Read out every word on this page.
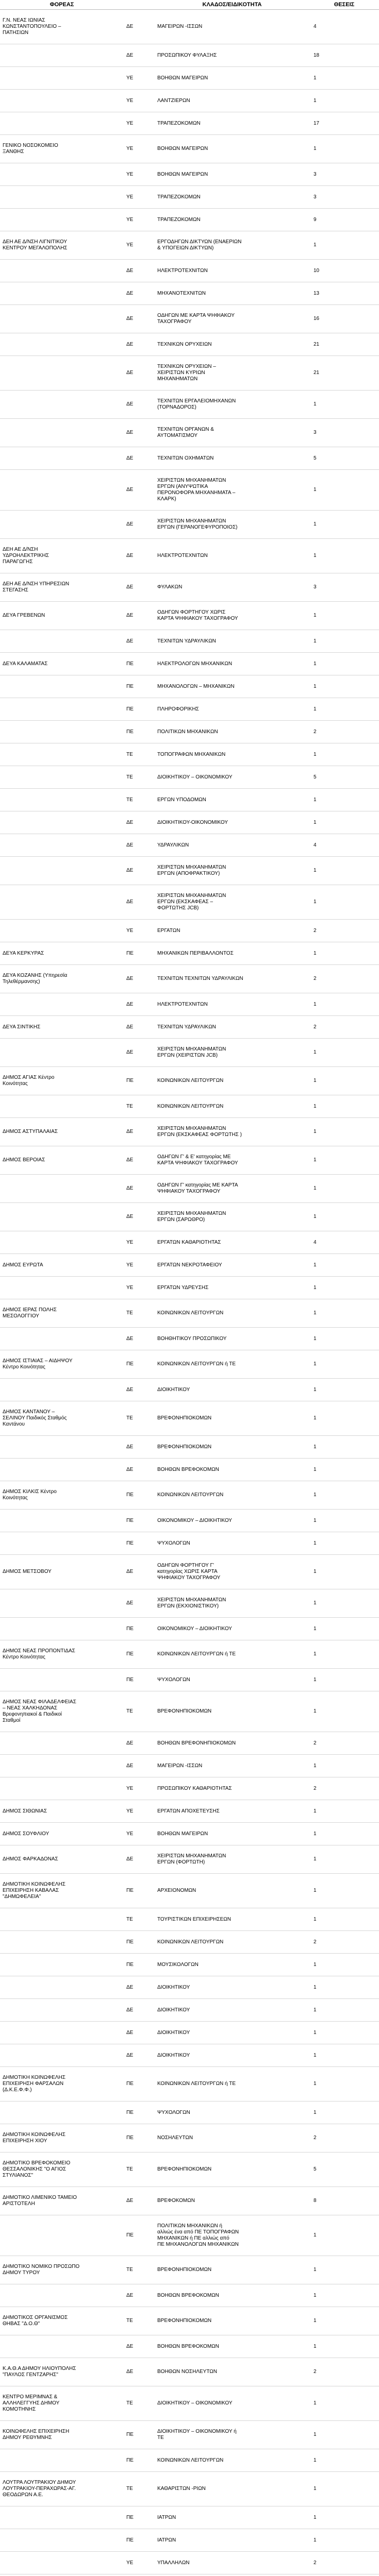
ΦΟΡΕΑΣ		ΚΛΑΔΟΣ/ΕΙΔΙΚΟΤΗΤΑ	ΘΕΣΕΙΣ
Γ.Ν. ΝΕΑΣ ΙΩΝΙΑΣ
ΚΩΝΣΤΑΝΤΟΠΟΥΛΕΙΟ –
ΠΑΤΗΣΙΩΝ	ΔΕ	ΜΑΓΕΙΡΩΝ -ΙΣΣΩΝ	4
	ΔΕ	ΠΡΟΣΩΠΙΚΟΥ ΦΥΛΑΞΗΣ	18
	ΥΕ	ΒΟΗΘΩΝ ΜΑΓΕΙΡΩΝ	1
	ΥΕ	ΛΑΝΤΖΙΕΡΩΝ	1
	ΥΕ	ΤΡΑΠΕΖΟΚΟΜΩΝ	17
ΓΕΝΙΚΟ ΝΟΣΟΚΟΜΕΙΟ
ΞΑΝΘΗΣ	ΥΕ	ΒΟΗΘΩΝ ΜΑΓΕΙΡΩΝ	1
	ΥΕ	ΒΟΗΘΩΝ ΜΑΓΕΙΡΩΝ	3
	ΥΕ	ΤΡΑΠΕΖΟΚΟΜΩΝ	3
	ΥΕ	ΤΡΑΠΕΖΟΚΟΜΩΝ	9
ΔΕΗ ΑΕ Δ/ΝΣΗ ΛΙΓΝΙΤΙΚΟΥ
ΚΕΝΤΡΟΥ ΜΕΓΑΛΟΠΟΛΗΣ	ΥΕ	ΕΡΓΟΔΗΓΩΝ ΔΙΚΤΥΩΝ (ΕΝΑΕΡΙΩΝ
& ΥΠΟΓΕΙΩΝ ΔΙΚΤΥΩΝ)	1
	ΔΕ	ΗΛΕΚΤΡΟΤΕΧΝΙΤΩΝ	10
	ΔΕ	ΜΗΧΑΝΟΤΕΧΝΙΤΩΝ	13
	ΔΕ	ΟΔΗΓΩΝ ΜΕ ΚΑΡΤΑ ΨΗΦΙΑΚΟΥ
ΤΑΧΟΓΡΑΦΟΥ	16
	ΔΕ	ΤΕΧΝΙΚΩΝ ΟΡΥΧΕΙΩΝ	21
	ΔΕ	ΤΕΧΝΙΚΩΝ ΟΡΥΧΕΙΩΝ –
ΧΕΙΡΙΣΤΩΝ ΚΥΡΙΩΝ
ΜΗΧΑΝΗΜΑΤΩΝ	21
	ΔΕ	ΤΕΧΝΙΤΩΝ ΕΡΓΑΛΕΙΟΜΗΧΑΝΩΝ
(ΤΟΡΝΑΔΟΡΟΣ)	1
	ΔΕ	ΤΕΧΝΙΤΩΝ ΟΡΓΑΝΩΝ &
ΑΥΤΟΜΑΤΙΣΜΟΥ	3
	ΔΕ	ΤΕΧΝΙΤΩΝ ΟΧΗΜΑΤΩΝ	5
	ΔΕ	ΧΕΙΡΙΣΤΩΝ ΜΗΧΑΝΗΜΑΤΩΝ
ΕΡΓΩΝ (ΑΝΥΨΩΤΙΚΑ
ΠΕΡΟΝΟΦΟΡΑ ΜΗΧΑΝΗΜΑΤΑ –
ΚΛΑΡΚ)	1
	ΔΕ	ΧΕΙΡΙΣΤΩΝ ΜΗΧΑΝΗΜΑΤΩΝ
ΕΡΓΩΝ (ΓΕΡΑΝΟΓΕΦΥΡΟΠΟΙΟΣ)	1
ΔΕΗ ΑΕ Δ/ΝΣΗ
ΥΔΡΟΗΛΕΚΤΡΙΚΗΣ
ΠΑΡΑΓΩΓΗΣ	ΔΕ	ΗΛΕΚΤΡΟΤΕΧΝΙΤΩΝ	1
ΔΕΗ ΑΕ Δ/ΝΣΗ ΥΠΗΡΕΣΙΩΝ
ΣΤΕΓΑΣΗΣ	ΔΕ	ΦΥΛΑΚΩΝ	3
ΔΕΥΑ ΓΡΕΒΕΝΩΝ	ΔΕ	ΟΔΗΓΩΝ ΦΟΡΤΗΓΟΥ ΧΩΡΙΣ
ΚΑΡΤΑ ΨΗΦΙΑΚΟΥ ΤΑΧΟΓΡΑΦΟΥ	1
	ΔΕ	ΤΕΧΝΙΤΩΝ ΥΔΡΑΥΛΙΚΩΝ	1
ΔΕΥΑ ΚΑΛΑΜΑΤΑΣ	ΠΕ	ΗΛΕΚΤΡΟΛΟΓΩΝ ΜΗΧΑΝΙΚΩΝ	1
	ΠΕ	ΜΗΧΑΝΟΛΟΓΩΝ – ΜΗΧΑΝΙΚΩΝ	1
	ΠΕ	ΠΛΗΡΟΦΟΡΙΚΗΣ	1
	ΠΕ	ΠΟΛΙΤΙΚΩΝ ΜΗΧΑΝΙΚΩΝ	2
	ΤΕ	ΤΟΠΟΓΡΑΦΩΝ ΜΗΧΑΝΙΚΩΝ	1
	ΤΕ	ΔΙΟΙΚΗΤΙΚΟΥ – ΟΙΚΟΝΟΜΙΚΟΥ	5
	ΤΕ	ΕΡΓΩΝ ΥΠΟΔΟΜΩΝ	1
	ΔΕ	ΔΙΟΙΚΗΤΙΚΟΥ-ΟΙΚΟΝΟΜΙΚΟΥ	1
	ΔΕ	ΥΔΡΑΥΛΙΚΩΝ	4
	ΔΕ	ΧΕΙΡΙΣΤΩΝ ΜΗΧΑΝΗΜΑΤΩΝ
ΕΡΓΩΝ (ΑΠΟΦΡΑΚΤΙΚΟΥ)	1
	ΔΕ	ΧΕΙΡΙΣΤΩΝ ΜΗΧΑΝΗΜΑΤΩΝ
ΕΡΓΩΝ (ΕΚΣΚΑΦΕΑΣ –
ΦΟΡΤΩΤΗΣ JCB)	1
	ΥΕ	ΕΡΓΑΤΩΝ	2
ΔΕΥΑ ΚΕΡΚΥΡΑΣ	ΠΕ	ΜΗΧΑΝΙΚΩΝ ΠΕΡΙΒΑΛΛΟΝΤΟΣ	1
ΔΕΥΑ ΚΟΖΑΝΗΣ (Υπηρεσία
Τηλεθέρμανσης)	ΔΕ	ΤΕΧΝΙΤΩΝ ΤΕΧΝΙΤΩΝ ΥΔΡΑΥΛΙΚΩΝ	2
	ΔΕ	ΗΛΕΚΤΡΟΤΕΧΝΙΤΩΝ	1
ΔΕΥΑ ΣΙΝΤΙΚΗΣ	ΔΕ	ΤΕΧΝΙΤΩΝ ΥΔΡΑΥΛΙΚΩΝ	2
	ΔΕ	ΧΕΙΡΙΣΤΩΝ ΜΗΧΑΝΗΜΑΤΩΝ
ΕΡΓΩΝ (ΧΕΙΡΙΣΤΩΝ JCB)	1
ΔΗΜΟΣ ΑΓΙΑΣ Κέντρο
Κοινότητας	ΠΕ	ΚΟΙΝΩΝΙΚΩΝ ΛΕΙΤΟΥΡΓΩΝ	1
	ΤΕ	ΚΟΙΝΩΝΙΚΩΝ ΛΕΙΤΟΥΡΓΩΝ	1
ΔΗΜΟΣ ΑΣΤΥΠΑΛΑΙΑΣ	ΔΕ	ΧΕΙΡΙΣΤΩΝ ΜΗΧΑΝΗΜΑΤΩΝ
ΕΡΓΩΝ (ΕΚΣΚΑΦΕΑΣ ΦΟΡΤΩΤΗΣ )	1
ΔΗΜΟΣ ΒΕΡΟΙΑΣ	ΔΕ	ΟΔΗΓΩΝ Γ' & Ε' κατηγορίας ΜΕ
ΚΑΡΤΑ ΨΗΦΙΑΚΟΥ ΤΑΧΟΓΡΑΦΟΥ	1
	ΔΕ	ΟΔΗΓΩΝ Γ' κατηγορίας ΜΕ ΚΑΡΤΑ
ΨΗΦΙΑΚΟΥ ΤΑΧΟΓΡΑΦΟΥ	1
	ΔΕ	ΧΕΙΡΙΣΤΩΝ ΜΗΧΑΝΗΜΑΤΩΝ
ΕΡΓΩΝ (ΣΑΡΩΘΡΟ)	1
	ΥΕ	ΕΡΓΑΤΩΝ ΚΑΘΑΡΙΟΤΗΤΑΣ	4
ΔΗΜΟΣ ΕΥΡΩΤΑ	ΥΕ	ΕΡΓΑΤΩΝ ΝΕΚΡΟΤΑΦΕΙΟΥ	1
	ΥΕ	ΕΡΓΑΤΩΝ ΥΔΡΕΥΣΗΣ	1
ΔΗΜΟΣ ΙΕΡΑΣ ΠΟΛΗΣ
ΜΕΣΟΛΟΓΓΙΟΥ	ΤΕ	ΚΟΙΝΩΝΙΚΩΝ ΛΕΙΤΟΥΡΓΩΝ	1
	ΔΕ	ΒΟΗΘΗΤΙΚΟΥ ΠΡΟΣΩΠΙΚΟΥ	1
ΔΗΜΟΣ ΙΣΤΙΑΙΑΣ – ΑΙΔΗΨΟΥ
Κέντρο Κοινότητας	ΠΕ	ΚΟΙΝΩΝΙΚΩΝ ΛΕΙΤΟΥΡΓΩΝ ή ΤΕ	1
	ΔΕ	ΔΙΟΙΚΗΤΙΚΟΥ	1
ΔΗΜΟΣ ΚΑΝΤΑΝΟΥ –
ΣΕΛΙΝΟΥ Παιδικός Σταθμός
Καντάνου	ΤΕ	ΒΡΕΦΟΝΗΠΙΟΚΟΜΩΝ	1
	ΔΕ	ΒΡΕΦΟΝΗΠΙΟΚΟΜΩΝ	1
	ΔΕ	ΒΟΗΘΩΝ ΒΡΕΦΟΚΟΜΩΝ	1
ΔΗΜΟΣ ΚΙΛΚΙΣ Κέντρο
Κοινότητας	ΠΕ	ΚΟΙΝΩΝΙΚΩΝ ΛΕΙΤΟΥΡΓΩΝ	1
	ΠΕ	ΟΙΚΟΝΟΜΙΚΟΥ – ΔΙΟΙΚΗΤΙΚΟΥ	1
	ΠΕ	ΨΥΧΟΛΟΓΩΝ	1
ΔΗΜΟΣ ΜΕΤΣΟΒΟΥ	ΔΕ	ΟΔΗΓΩΝ ΦΟΡΤΗΓΟΥ Γ'
κατηγορίας ΧΩΡΙΣ ΚΑΡΤΑ
ΨΗΦΙΑΚΟΥ ΤΑΧΟΓΡΑΦΟΥ	1
	ΔΕ	ΧΕΙΡΙΣΤΩΝ ΜΗΧΑΝΗΜΑΤΩΝ
ΕΡΓΩΝ (ΕΚΧΙΟΝΙΣΤΙΚΟΥ)	1
	ΠΕ	ΟΙΚΟΝΟΜΙΚΟΥ – ΔΙΟΙΚΗΤΙΚΟΥ	1
ΔΗΜΟΣ ΝΕΑΣ ΠΡΟΠΟΝΤΙΔΑΣ
Κέντρο Κοινότητας	ΠΕ	ΚΟΙΝΩΝΙΚΩΝ ΛΕΙΤΟΥΡΓΩΝ ή ΤΕ	1
	ΠΕ	ΨΥΧΟΛΟΓΩΝ	1
ΔΗΜΟΣ ΝΕΑΣ ΦΙΛΑΔΕΛΦΕΙΑΣ
– ΝΕΑΣ ΧΑΛΚΗΔΟΝΑΣ
Βρεφονηπιακοί & Παιδικοί
Σταθμοί	ΤΕ	ΒΡΕΦΟΝΗΠΙΟΚΟΜΩΝ	1
	ΔΕ	ΒΟΗΘΩΝ ΒΡΕΦΟΝΗΠΙΟΚΟΜΩΝ	2
	ΔΕ	ΜΑΓΕΙΡΩΝ -ΙΣΣΩΝ	1
	ΥΕ	ΠΡΟΣΩΠΙΚΟΥ ΚΑΘΑΡΙΟΤΗΤΑΣ	2
ΔΗΜΟΣ ΣΙΘΩΝΙΑΣ	ΥΕ	ΕΡΓΑΤΩΝ ΑΠΟΧΕΤΕΥΣΗΣ	1
ΔΗΜΟΣ ΣΟΥΦΛΙΟΥ	ΥΕ	ΒΟΗΘΩΝ ΜΑΓΕΙΡΩΝ	1
ΔΗΜΟΣ ΦΑΡΚΑΔΟΝΑΣ	ΔΕ	ΧΕΙΡΙΣΤΩΝ ΜΗΧΑΝΗΜΑΤΩΝ
ΕΡΓΩΝ (ΦΟΡΤΩΤΗ)	1
ΔΗΜΟΤΙΚΗ ΚΟΙΝΩΦΕΛΗΣ
ΕΠΙΧΕΙΡΗΣΗ ΚΑΒΑΛΑΣ
"ΔΗΜΩΦΕΛΕΙΑ"	ΠΕ	ΑΡΧΕΙΟΝΟΜΩΝ	1
	ΤΕ	ΤΟΥΡΙΣΤΙΚΩΝ ΕΠΙΧΕΙΡΗΣΕΩΝ	1
	ΠΕ	ΚΟΙΝΩΝΙΚΩΝ ΛΕΙΤΟΥΡΓΩΝ	2
	ΠΕ	ΜΟΥΣΙΚΟΛΟΓΩΝ	1
	ΔΕ	ΔΙΟΙΚΗΤΙΚΟΥ	1
	ΔΕ	ΔΙΟΙΚΗΤΙΚΟΥ	1
	ΔΕ	ΔΙΟΙΚΗΤΙΚΟΥ	1
	ΔΕ	ΔΙΟΙΚΗΤΙΚΟΥ	1
ΔΗΜΟΤΙΚΗ ΚΟΙΝΩΦΕΛΗΣ
ΕΠΙΧΕΙΡΗΣΗ ΦΑΡΣΑΛΩΝ
(Δ.Κ.Ε.Φ.Φ.)	ΠΕ	ΚΟΙΝΩΝΙΚΩΝ ΛΕΙΤΟΥΡΓΩΝ ή ΤΕ	1
	ΠΕ	ΨΥΧΟΛΟΓΩΝ	1
ΔΗΜΟΤΙΚΗ ΚΟΙΝΩΦΕΛΗΣ
ΕΠΙΧΕΙΡΗΣΗ ΧΙΟΥ	ΠΕ	ΝΟΣΗΛΕΥΤΩΝ	2
ΔΗΜΟΤΙΚΟ ΒΡΕΦΟΚΟΜΕΙΟ
ΘΕΣΣΑΛΟΝΙΚΗΣ "Ο ΑΓΙΟΣ
ΣΤΥΛΙΑΝΟΣ"	ΤΕ	ΒΡΕΦΟΝΗΠΙΟΚΟΜΩΝ	5
ΔΗΜΟΤΙΚΟ ΛΙΜΕΝΙΚΟ ΤΑΜΕΙΟ
ΑΡΙΣΤΟΤΕΛΗ	ΔΕ	ΒΡΕΦΟΚΟΜΩΝ	8
	ΠΕ	ΠΟΛΙΤΙΚΩΝ ΜΗΧΑΝΙΚΩΝ ή
αλλιώς ένα από ΠΕ ΤΟΠΟΓΡΑΦΩΝ
ΜΗΧΑΝΙΚΩΝ ή ΠΕ αλλιώς από
ΠΕ ΜΗΧΑΝΟΛΟΓΩΝ ΜΗΧΑΝΙΚΩΝ	1
ΔΗΜΟΤΙΚΟ ΝΟΜΙΚΟ ΠΡΟΣΩΠΟ
ΔΗΜΟΥ ΤΥΡΟΥ	ΤΕ	ΒΡΕΦΟΝΗΠΙΟΚΟΜΩΝ	1
	ΔΕ	ΒΟΗΘΩΝ ΒΡΕΦΟΚΟΜΩΝ	1
ΔΗΜΟΤΙΚΟΣ ΟΡΓΑΝΙΣΜΟΣ
ΘΗΒΑΣ "Δ.Ο.Θ"	ΤΕ	ΒΡΕΦΟΝΗΠΙΟΚΟΜΩΝ	1
	ΔΕ	ΒΟΗΘΩΝ ΒΡΕΦΟΚΟΜΩΝ	1
Κ.Α.Θ.Α ΔΗΜΟΥ ΗΛΙΟΥΠΟΛΗΣ
"ΠΑΥΛΟΣ ΓΕΝΤΖΑΡΗΣ"	ΔΕ	ΒΟΗΘΩΝ ΝΟΣΗΛΕΥΤΩΝ	2
ΚΕΝΤΡΟ ΜΕΡΙΜΝΑΣ &
ΑΛΛΗΛΕΓΓΥΗΣ ΔΗΜΟΥ
ΚΟΜΟΤΗΝΗΣ	ΤΕ	ΔΙΟΙΚΗΤΙΚΟΥ – ΟΙΚΟΝΟΜΙΚΟΥ	1
ΚΟΙΝΩΦΕΛΗΣ ΕΠΙΧΕΙΡΗΣΗ
ΔΗΜΟΥ ΡΕΘΥΜΝΗΣ	ΠΕ	ΔΙΟΙΚΗΤΙΚΟΥ – ΟΙΚΟΝΟΜΙΚΟΥ ή
ΤΕ	1
	ΠΕ	ΚΟΙΝΩΝΙΚΩΝ ΛΕΙΤΟΥΡΓΩΝ	1
ΛΟΥΤΡΑ ΛΟΥΤΡΑΚΙΟΥ ΔΗΜΟΥ
ΛΟΥΤΡΑΚΙΟΥ-ΠΕΡΑΧΩΡΑΣ-ΑΓ.
ΘΕΟΔΩΡΩΝ Α.Ε.	ΤΕ	ΚΑΘΑΡΙΣΤΩΝ -ΡΙΩΝ	1
	ΠΕ	ΙΑΤΡΩΝ	1
	ΠΕ	ΙΑΤΡΩΝ	1
	ΥΕ	ΥΠΑΛΛΗΛΩΝ	2
